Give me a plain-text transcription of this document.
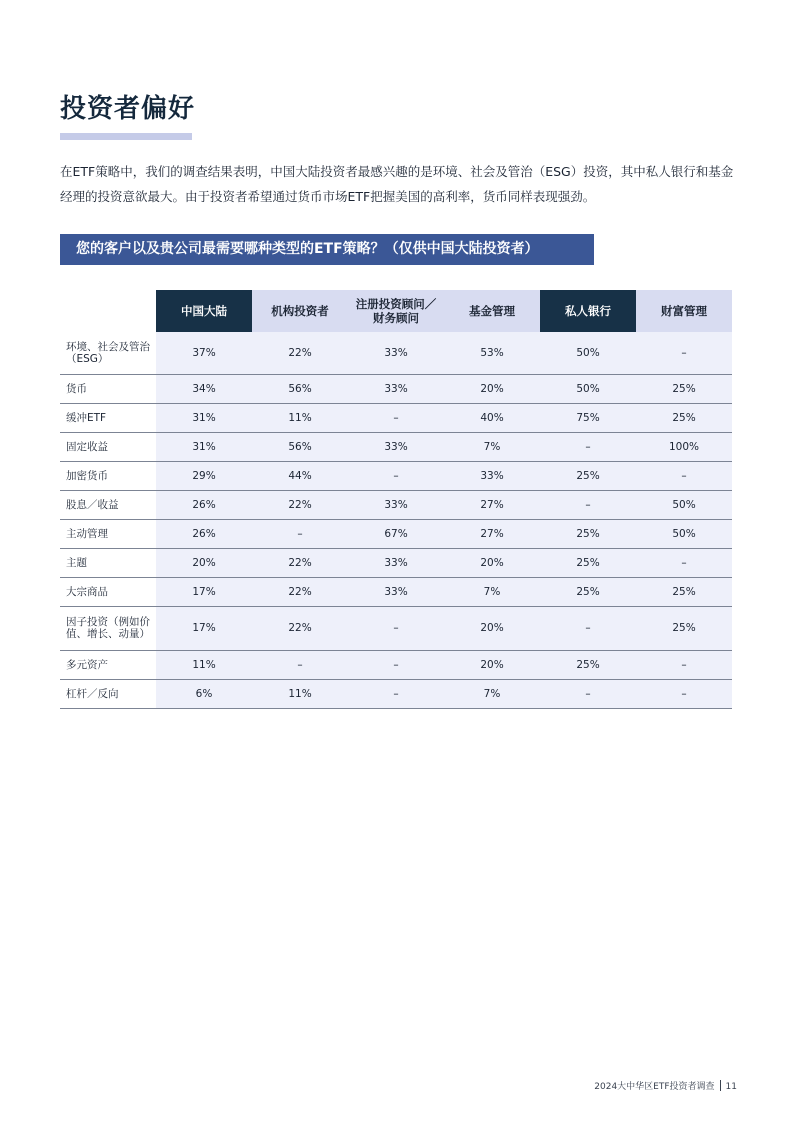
投资者偏好

在ETF策略中，我们的调查结果表明，中国大陆投资者最感兴趣的是环境、社会及管治（ESG）投资，其中私人银行和基金经理的投资意欲最大。由于投资者希望通过货币市场ETF把握美国的高利率，货币同样表现强劲。

您的客户以及贵公司最需要哪种类型的ETF策略？（仅供中国大陆投资者）
	中国大陆	机构投资者	注册投资顾问／财务顾问	基金管理	私人银行	财富管理
环境、社会及管治（ESG）	37%	22%	33%	53%	50%	–
货币	34%	56%	33%	20%	50%	25%
缓冲ETF	31%	11%	–	40%	75%	25%
固定收益	31%	56%	33%	7%	–	100%
加密货币	29%	44%	–	33%	25%	–
股息／收益	26%	22%	33%	27%	–	50%
主动管理	26%	–	67%	27%	25%	50%
主题	20%	22%	33%	20%	25%	–
大宗商品	17%	22%	33%	7%	25%	25%
因子投资（例如价值、增长、动量）	17%	22%	–	20%	–	25%
多元资产	11%	–	–	20%	25%	–
杠杆／反向	6%	11%	–	7%	–	–
2024大中华区ETF投资者调查 11
